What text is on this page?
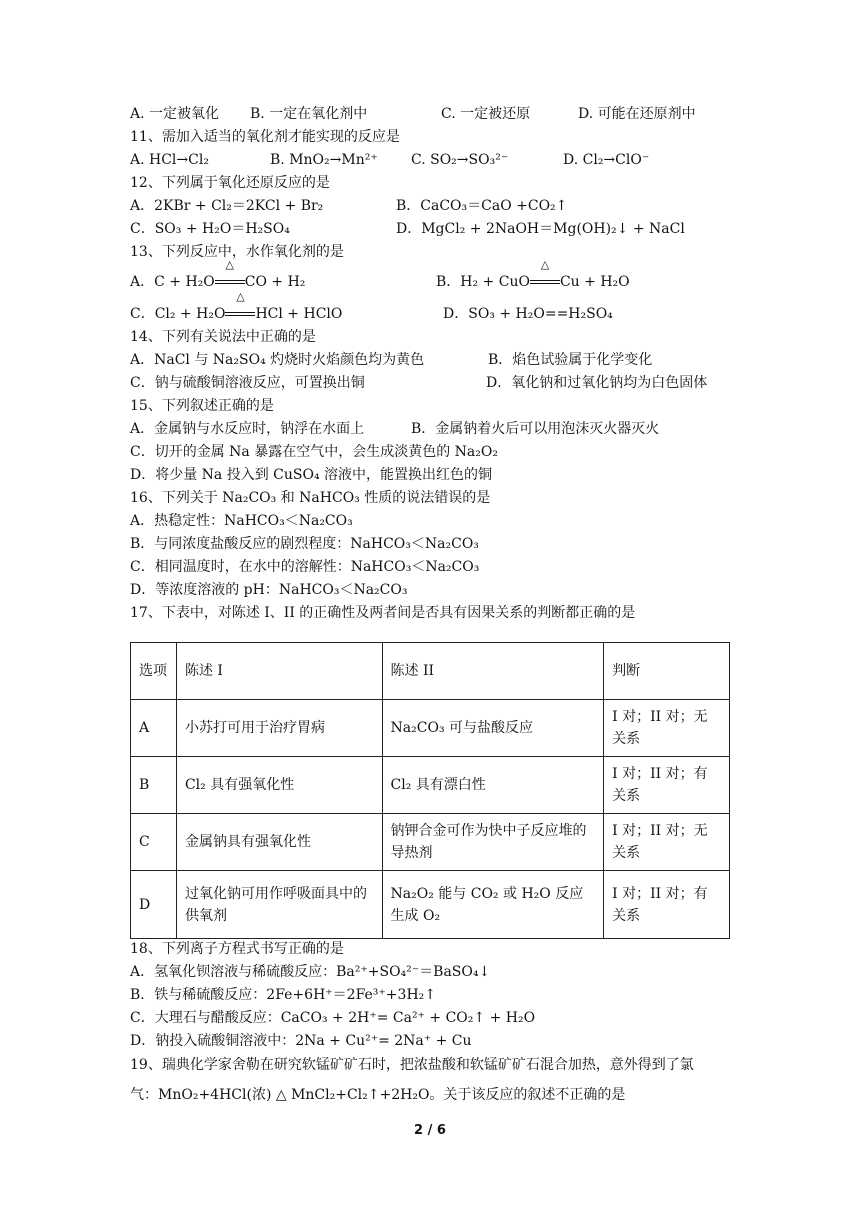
A. 一定被氧化 B. 一定在氧化剂中	C. 一定被还原	D. 可能在还原剂中
11、需加入适当的氧化剂才能实现的反应是
A. HCl→Cl₂	B. MnO₂→Mn²⁺ C. SO₂→SO₃²⁻	D. Cl₂→ClO⁻
12、下列属于氧化还原反应的是
A．2KBr + Cl₂＝2KCl + Br₂	B．CaCO₃＝CaO +CO₂↑
C．SO₃ + H₂O＝H₂SO₄	D．MgCl₂ + 2NaOH＝Mg(OH)₂↓ + NaCl
13、下列反应中，水作氧化剂的是
A．C + H₂O
△
CO + H₂	B．H₂ + CuO
△
Cu + H₂O
C．Cl₂ + H₂O
△
HCl + HClO	D．SO₃ + H₂O==H₂SO₄
14、下列有关说法中正确的是
A．NaCl 与 Na₂SO₄ 灼烧时火焰颜色均为黄色	B．焰色试验属于化学变化
C．钠与硫酸铜溶液反应，可置换出铜	D．氧化钠和过氧化钠均为白色固体
15、下列叙述正确的是
A．金属钠与水反应时，钠浮在水面上	B．金属钠着火后可以用泡沫灭火器灭火
C．切开的金属 Na 暴露在空气中，会生成淡黄色的 Na₂O₂
D．将少量 Na 投入到 CuSO₄ 溶液中，能置换出红色的铜
16、下列关于 Na₂CO₃ 和 NaHCO₃ 性质的说法错误的是
A．热稳定性：NaHCO₃＜Na₂CO₃
B．与同浓度盐酸反应的剧烈程度：NaHCO₃＜Na₂CO₃
C．相同温度时，在水中的溶解性：NaHCO₃＜Na₂CO₃
D．等浓度溶液的 pH：NaHCO₃＜Na₂CO₃
17、下表中，对陈述 I、II 的正确性及两者间是否具有因果关系的判断都正确的是
选项	陈述 I	陈述 II	判断
A	小苏打可用于治疗胃病	Na₂CO₃ 可与盐酸反应	I 对；II 对；无关系
B	Cl₂ 具有强氧化性	Cl₂ 具有漂白性	I 对；II 对；有关系
C	金属钠具有强氧化性	钠钾合金可作为快中子反应堆的导热剂	I 对；II 对；无关系
D	过氧化钠可用作呼吸面具中的供氧剂	Na₂O₂ 能与 CO₂ 或 H₂O 反应生成 O₂	I 对；II 对；有关系
18、下列离子方程式书写正确的是
A．氢氧化钡溶液与稀硫酸反应：Ba²⁺+SO₄²⁻＝BaSO₄↓
B．铁与稀硫酸反应：2Fe+6H⁺＝2Fe³⁺+3H₂↑
C．大理石与醋酸反应：CaCO₃ + 2H⁺= Ca²⁺ + CO₂↑ + H₂O
D．钠投入硫酸铜溶液中：2Na + Cu²⁺= 2Na⁺ + Cu
19、瑞典化学家舍勒在研究软锰矿矿石时，把浓盐酸和软锰矿矿石混合加热，意外得到了氯
气：MnO₂+4HCl(浓) △ MnCl₂+Cl₂↑+2H₂O。关于该反应的叙述不正确的是
2 / 6
